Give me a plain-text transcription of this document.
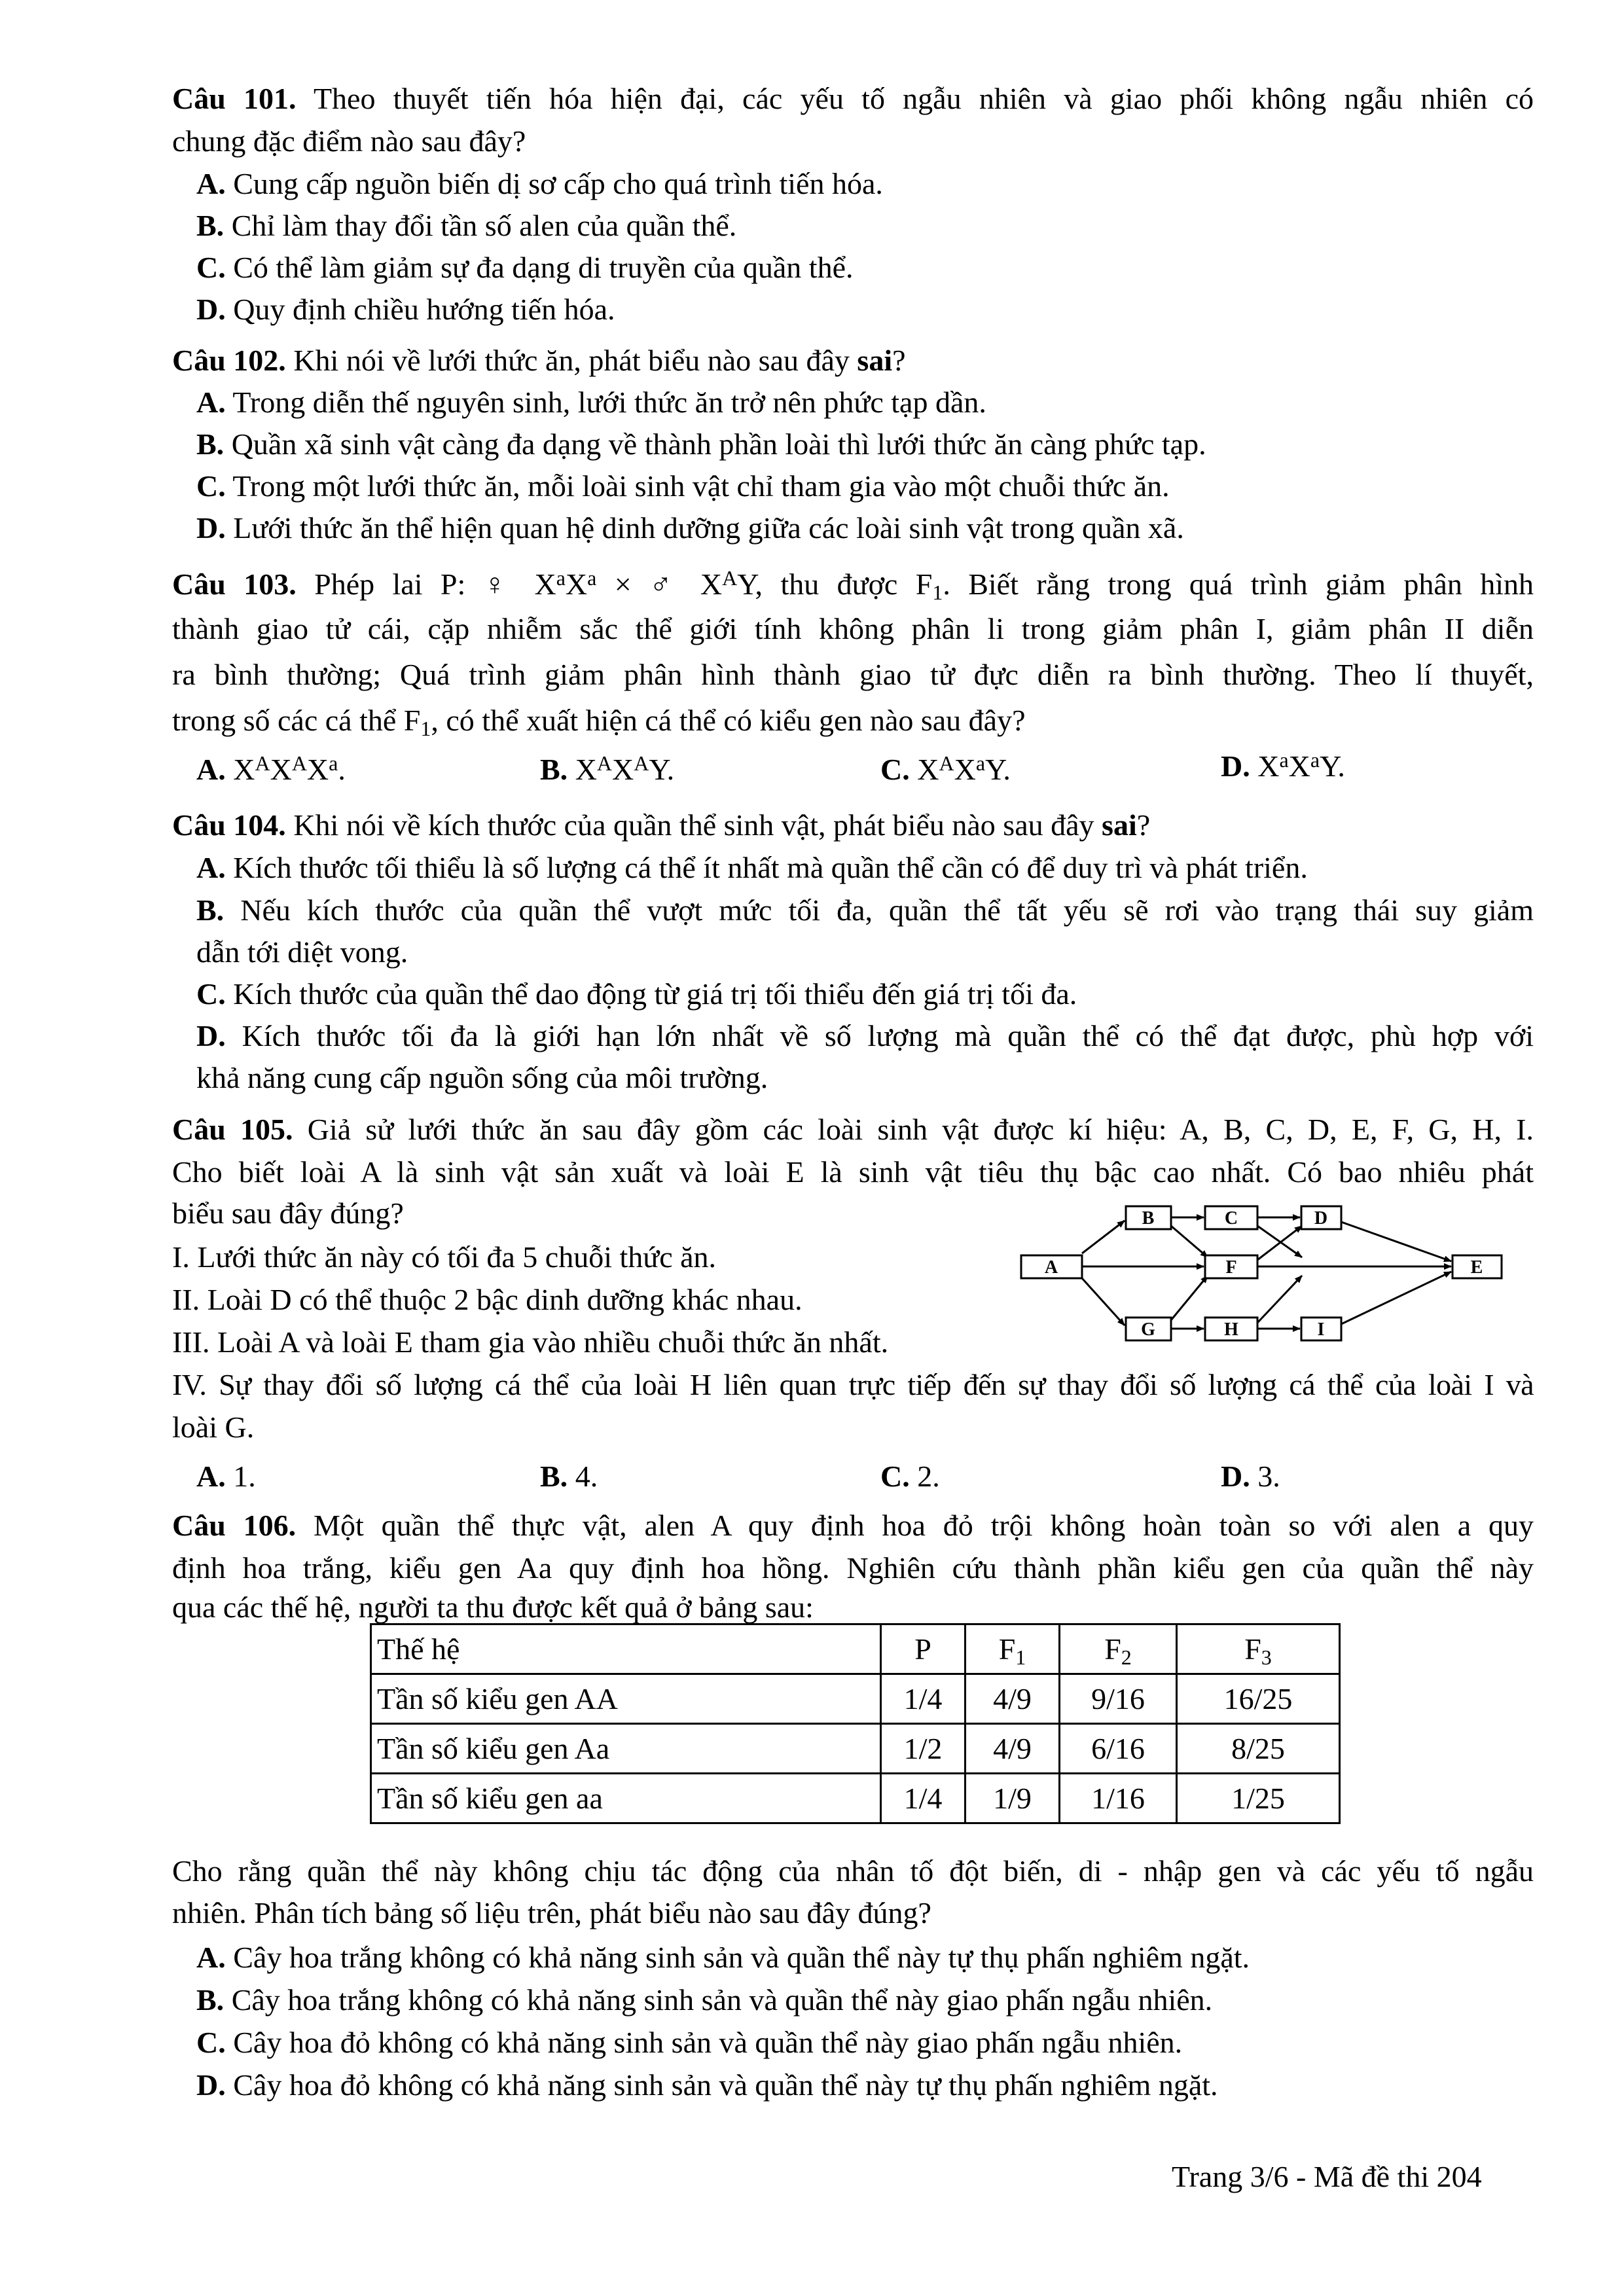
Câu 101. Theo thuyết tiến hóa hiện đại, các yếu tố ngẫu nhiên và giao phối không ngẫu nhiên có
chung đặc điểm nào sau đây?
A. Cung cấp nguồn biến dị sơ cấp cho quá trình tiến hóa.
B. Chỉ làm thay đổi tần số alen của quần thể.
C. Có thể làm giảm sự đa dạng di truyền của quần thể.
D. Quy định chiều hướng tiến hóa.
Câu 102. Khi nói về lưới thức ăn, phát biểu nào sau đây sai?
A. Trong diễn thế nguyên sinh, lưới thức ăn trở nên phức tạp dần.
B. Quần xã sinh vật càng đa dạng về thành phần loài thì lưới thức ăn càng phức tạp.
C. Trong một lưới thức ăn, mỗi loài sinh vật chỉ tham gia vào một chuỗi thức ăn.
D. Lưới thức ăn thể hiện quan hệ dinh dưỡng giữa các loài sinh vật trong quần xã.
Câu 103. Phép lai P: ♀ $X^aX^a$ × ♂ $X^AY$, thu được $F_1$. Biết rằng trong quá trình giảm phân hình
thành giao tử cái, cặp nhiễm sắc thể giới tính không phân li trong giảm phân I, giảm phân II diễn
ra bình thường; Quá trình giảm phân hình thành giao tử đực diễn ra bình thường. Theo lí thuyết,
trong số các cá thể $F_1$, có thể xuất hiện cá thể có kiểu gen nào sau đây?
A. $X^AX^AX^a$.	B. $X^AX^AY$.	C. $X^AX^aY$.	D. $X^aX^aY$.
Câu 104. Khi nói về kích thước của quần thể sinh vật, phát biểu nào sau đây sai?
A. Kích thước tối thiểu là số lượng cá thể ít nhất mà quần thể cần có để duy trì và phát triển.
B. Nếu kích thước của quần thể vượt mức tối đa, quần thể tất yếu sẽ rơi vào trạng thái suy giảm
dẫn tới diệt vong.
C. Kích thước của quần thể dao động từ giá trị tối thiểu đến giá trị tối đa.
D. Kích thước tối đa là giới hạn lớn nhất về số lượng mà quần thể có thể đạt được, phù hợp với
khả năng cung cấp nguồn sống của môi trường.
Câu 105. Giả sử lưới thức ăn sau đây gồm các loài sinh vật được kí hiệu: A, B, C, D, E, F, G, H, I.
Cho biết loài A là sinh vật sản xuất và loài E là sinh vật tiêu thụ bậc cao nhất. Có bao nhiêu phát
biểu sau đây đúng?
I. Lưới thức ăn này có tối đa 5 chuỗi thức ăn.
II. Loài D có thể thuộc 2 bậc dinh dưỡng khác nhau.
III. Loài A và loài E tham gia vào nhiều chuỗi thức ăn nhất.
IV. Sự thay đổi số lượng cá thể của loài H liên quan trực tiếp đến sự thay đổi số lượng cá thể của loài I và
loài G.
A
B	C	D
F	E
G	H	I
A. 1.	B. 4.	C. 2.	D. 3.
Câu 106. Một quần thể thực vật, alen A quy định hoa đỏ trội không hoàn toàn so với alen a quy
định hoa trắng, kiểu gen Aa quy định hoa hồng. Nghiên cứu thành phần kiểu gen của quần thể này
qua các thế hệ, người ta thu được kết quả ở bảng sau:
Thế hệ	P	$F_1$	$F_2$	$F_3$
Tần số kiểu gen AA	1/4	4/9	9/16	16/25
Tần số kiểu gen Aa	1/2	4/9	6/16	8/25
Tần số kiểu gen aa	1/4	1/9	1/16	1/25
Cho rằng quần thể này không chịu tác động của nhân tố đột biến, di - nhập gen và các yếu tố ngẫu
nhiên. Phân tích bảng số liệu trên, phát biểu nào sau đây đúng?
A. Cây hoa trắng không có khả năng sinh sản và quần thể này tự thụ phấn nghiêm ngặt.
B. Cây hoa trắng không có khả năng sinh sản và quần thể này giao phấn ngẫu nhiên.
C. Cây hoa đỏ không có khả năng sinh sản và quần thể này giao phấn ngẫu nhiên.
D. Cây hoa đỏ không có khả năng sinh sản và quần thể này tự thụ phấn nghiêm ngặt.
Trang 3/6 - Mã đề thi 204
